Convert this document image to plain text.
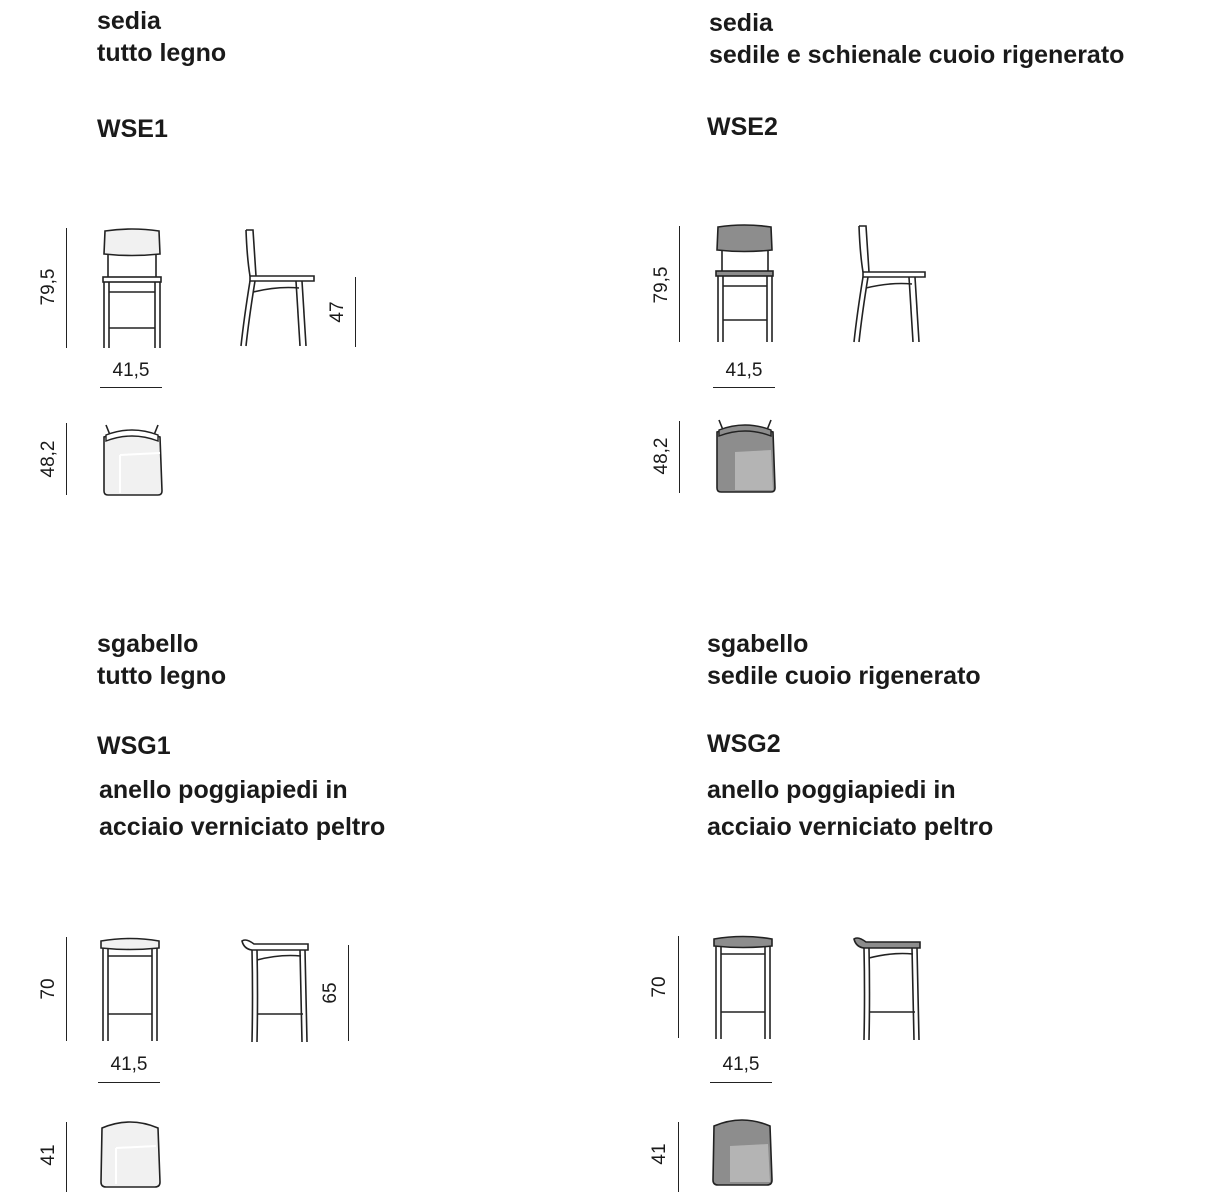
sedia
tutto legno
WSE1
79,5
47
41,5
48,2
sedia
sedile e schienale cuoio rigenerato
WSE2
79,5
41,5
48,2
sgabello
tutto legno
WSG1
anello poggiapiedi in
acciaio verniciato peltro
70	65
41,5
41
sgabello
sedile cuoio rigenerato
WSG2
anello poggiapiedi in
acciaio verniciato peltro
70
41,5
41
